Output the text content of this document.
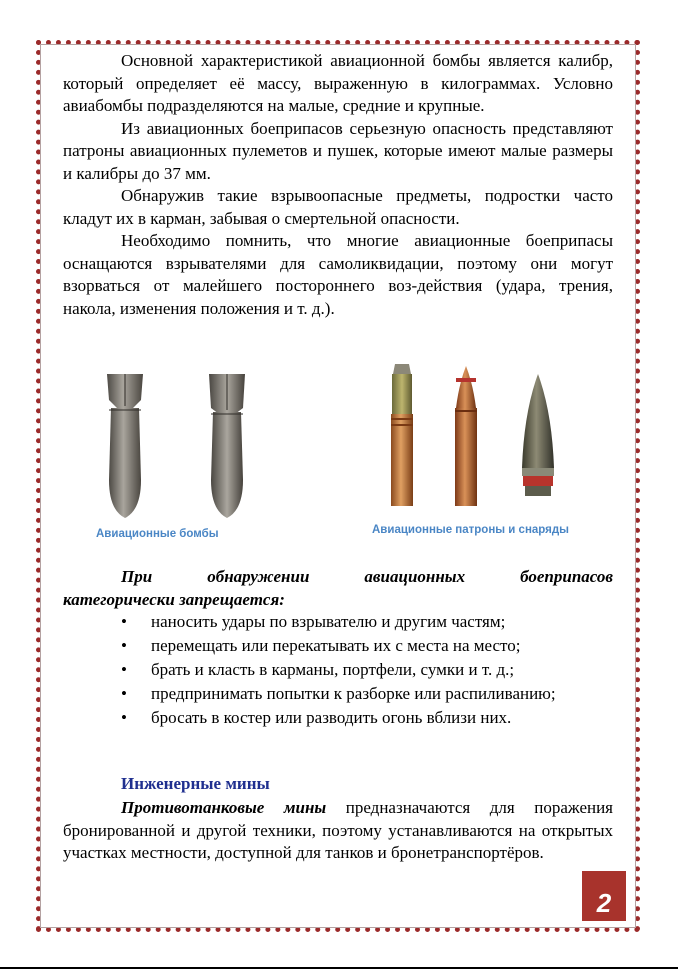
Основной характеристикой авиационной бомбы является калибр, который определяет её массу, выраженную в килограммах. Условно авиабомбы подразделяются на малые, средние и крупные.

Из авиационных боеприпасов серьезную опасность представляют патроны авиационных пулеметов и пушек, которые имеют малые размеры и калибры до 37 мм.

Обнаружив такие взрывоопасные предметы, подростки часто кладут их в карман, забывая о смертельной опасности.

Необходимо помнить, что многие авиационные боеприпасы оснащаются взрывателями для самоликвидации, поэтому они могут взорваться от малейшего постороннего воз-действия (удара, трения, накола, изменения положения и т. д.).

Авиационные бомбы	Авиационные патроны и снаряды

При обнаружении авиационных боеприпасов

категорически запрещается:

• наносить удары по взрывателю и другим частям;
• перемещать или перекатывать их с места на место;
• брать и класть в карманы, портфели, сумки и т. д.;
• предпринимать попытки к разборке или распиливанию;
• бросать в костер или разводить огонь вблизи них.
Инженерные мины

Противотанковые мины предназначаются для поражения бронированной и другой техники, поэтому устанавливаются на открытых участках местности, доступной для танков и бронетранспортёров.

2
